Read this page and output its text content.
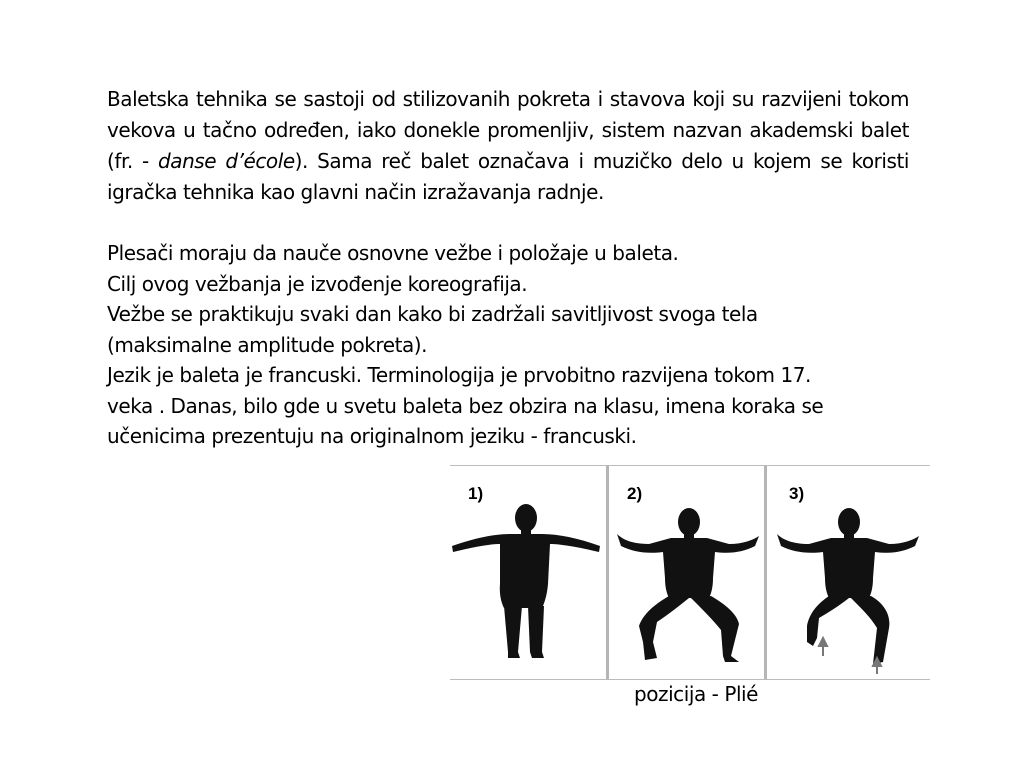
Baletska tehnika se sastoji od stilizovanih pokreta i stavova koji su razvijeni tokom vekova u tačno određen, iako donekle promenljiv, sistem nazvan akademski balet (fr. - danse d’école). Sama reč balet označava i muzičko delo u kojem se koristi igračka tehnika kao glavni način izražavanja radnje.
Plesači moraju da nauče osnovne vežbe i položaje u baleta.
Cilj ovog vežbanja je izvođenje koreografija.
Vežbe se praktikuju svaki dan kako bi zadržali savitljivost svoga tela
(maksimalne amplitude pokreta).
Jezik je baleta je francuski. Terminologija je prvobitno razvijena tokom 17.
veka . Danas, bilo gde u svetu baleta bez obzira na klasu, imena koraka se
učenicima prezentuju na originalnom jeziku - francuski.
1)	2)	3)
pozicija - Plié
